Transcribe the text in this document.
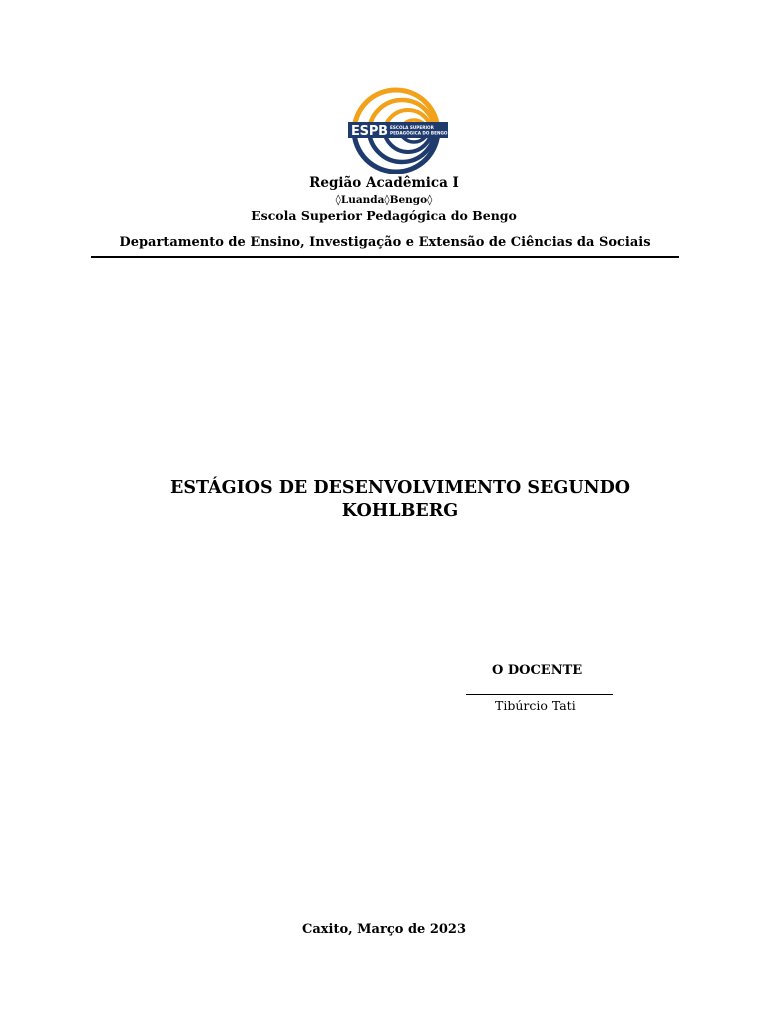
ESPB ESCOLA SUPERIOR
PEDAGÓGICA DO BENGO
Região Acadêmica I
◊Luanda◊Bengo◊
Escola Superior Pedagógica do Bengo
Departamento de Ensino, Investigação e Extensão de Ciências da Sociais
ESTÁGIOS DE DESENVOLVIMENTO SEGUNDO KOHLBERG
O DOCENTE
Tibúrcio Tati
Caxito, Março de 2023
